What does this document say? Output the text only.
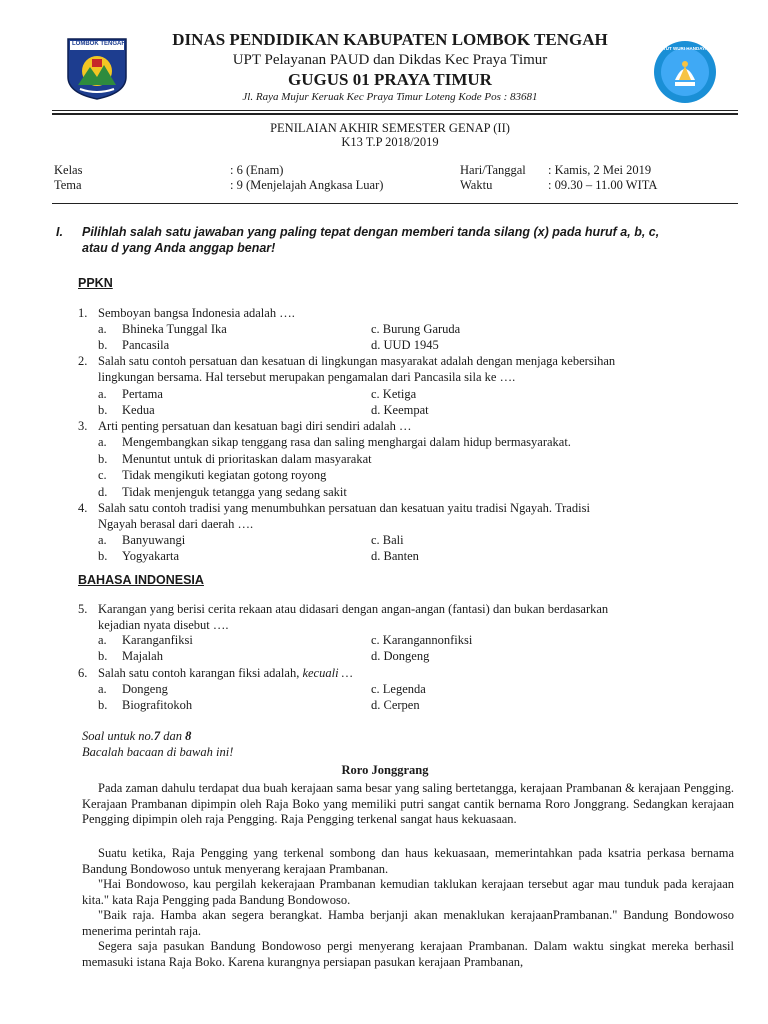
LOMBOK TENGAH
TUT WURI HANDAYANI
DINAS PENDIDIKAN KABUPATEN LOMBOK TENGAH
UPT Pelayanan PAUD dan Dikdas Kec Praya Timur
GUGUS 01 PRAYA TIMUR
Jl. Raya Mujur Keruak Kec Praya Timur Loteng Kode Pos : 83681
PENILAIAN AKHIR SEMESTER GENAP (II)
K13 T.P 2018/2019
Kelas	: 6 (Enam)	Hari/Tanggal : Kamis, 2 Mei 2019
Tema	: 9 (Menjelajah Angkasa Luar)	Waktu	: 09.30 – 11.00 WITA
I. Pilihlah salah satu jawaban yang paling tepat dengan memberi tanda silang (x) pada huruf a, b, c,
atau d yang Anda anggap benar!
PPKN
1. Semboyan bangsa Indonesia adalah ….
a. Bhineka Tunggal Ika	c. Burung Garuda
b. Pancasila	d. UUD 1945
2. Salah satu contoh persatuan dan kesatuan di lingkungan masyarakat adalah dengan menjaga kebersihan
lingkungan bersama. Hal tersebut merupakan pengamalan dari Pancasila sila ke ….
a. Pertama	c. Ketiga
b. Kedua	d. Keempat
3. Arti penting persatuan dan kesatuan bagi diri sendiri adalah …
a. Mengembangkan sikap tenggang rasa dan saling menghargai dalam hidup bermasyarakat.
b. Menuntut untuk di prioritaskan dalam masyarakat
c. Tidak mengikuti kegiatan gotong royong
d. Tidak menjenguk tetangga yang sedang sakit
4. Salah satu contoh tradisi yang menumbuhkan persatuan dan kesatuan yaitu tradisi Ngayah. Tradisi
Ngayah berasal dari daerah ….
a. Banyuwangi	c. Bali
b. Yogyakarta	d. Banten
BAHASA INDONESIA
5. Karangan yang berisi cerita rekaan atau didasari dengan angan-angan (fantasi) dan bukan berdasarkan
kejadian nyata disebut ….
a. Karanganfiksi	c. Karangannonfiksi
b. Majalah	d. Dongeng
6. Salah satu contoh karangan fiksi adalah, kecuali …
a. Dongeng	c. Legenda
b. Biografitokoh	d. Cerpen
Soal untuk no.7 dan 8
Bacalah bacaan di bawah ini!
Roro Jonggrang
Pada zaman dahulu terdapat dua buah kerajaan sama besar yang saling bertetangga, kerajaan Prambanan & kerajaan Pengging. Kerajaan Prambanan dipimpin oleh Raja Boko yang memiliki putri sangat cantik bernama Roro Jonggrang. Sedangkan kerajaan Pengging dipimpin oleh raja Pengging. Raja Pengging terkenal sangat haus kekuasaan.
Suatu ketika, Raja Pengging yang terkenal sombong dan haus kekuasaan, memerintahkan pada ksatria perkasa bernama Bandung Bondowoso untuk menyerang kerajaan Prambanan.
"Hai Bondowoso, kau pergilah kekerajaan Prambanan kemudian taklukan kerajaan tersebut agar mau tunduk pada kerajaan kita." kata Raja Pengging pada Bandung Bondowoso.
"Baik raja. Hamba akan segera berangkat. Hamba berjanji akan menaklukan kerajaanPrambanan." Bandung Bondowoso menerima perintah raja.
Segera saja pasukan Bandung Bondowoso pergi menyerang kerajaan Prambanan. Dalam waktu singkat mereka berhasil memasuki istana Raja Boko. Karena kurangnya persiapan pasukan kerajaan Prambanan,
